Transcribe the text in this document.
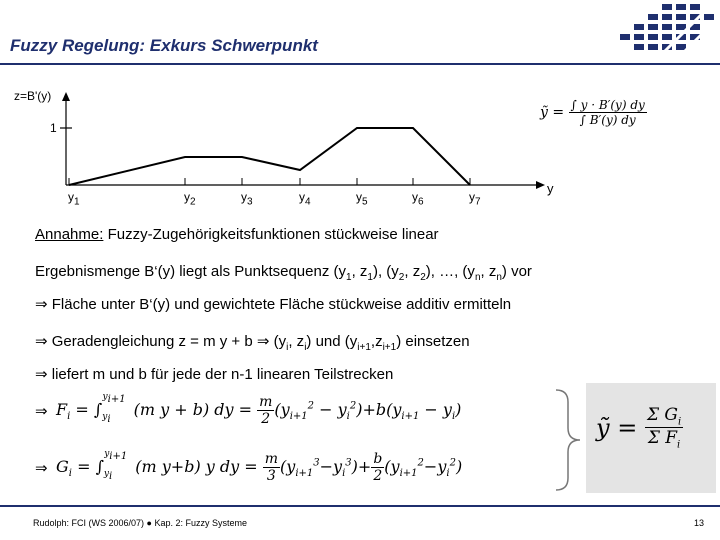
Fuzzy Regelung: Exkurs Schwerpunkt
z=B'(y)
1
$y_1$	$y_2$	$y_3$	$y_4$	$y_5$	$y_6$	$y_7$
y
ỹ = $\frac{\int y \cdot B'(y) dy}{\int B'(y) dy}$
Annahme: Fuzzy-Zugehörigkeitsfunktionen stückweise linear
Ergebnismenge B‘(y) liegt als Punktsequenz ($y_1$, $z_1$), ($y_2$, $z_2$), …, ($y_n$, $z_n$) vor
⇒ Fläche unter B‘(y) und gewichtete Fläche stückweise additiv ermitteln
⇒ Geradengleichung z = m y + b ⇒ ($y_i$, $z_i$) und $(y_{i+1},z_{i+1})$ einsetzen
⇒ liefert m und b für jede der n-1 linearen Teilstrecken
⇒ $F_i = \int_{y_i}^{y_{i+1}}(m$ y + b) dy = $\frac{m}{2} (y_{i+1}^2 - y_i^2)+b(y_{i+1} - y_i)$
⇒ $G_i = \int_{y_i}^{y_{i+1}}(m$ y+b) y dy = $\frac{m}{3} (y_{i+1}^3-y_i^3)+ \frac{b}{2} (y_{i+1}^2-y_i^2)$
ỹ = $\frac{\Sigma G_i}{\Sigma F_i}$
Rudolph: FCI (WS 2006/07) ● Kap. 2: Fuzzy Systeme	13
